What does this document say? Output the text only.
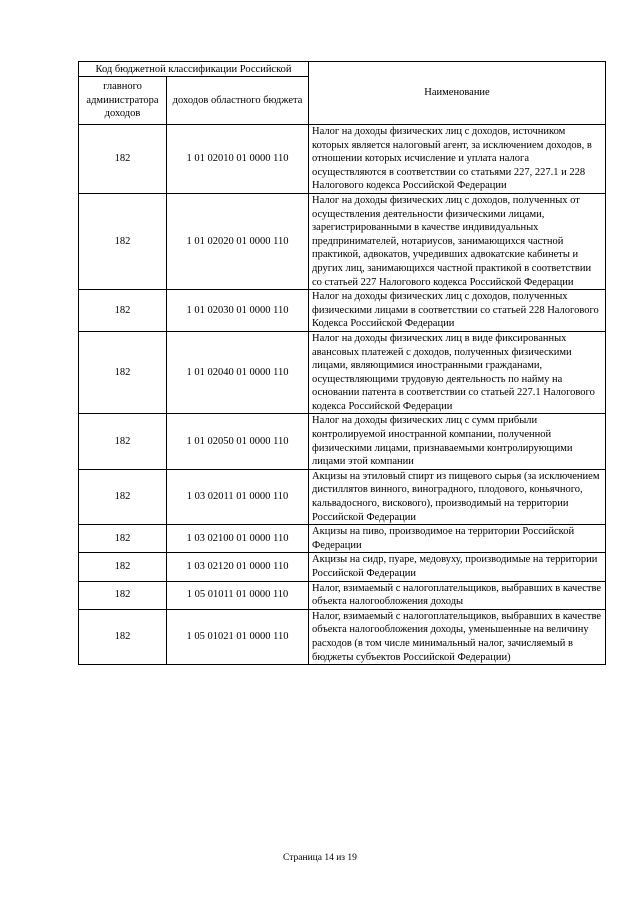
Код бюджетной классификации Российской		Наименование
главного администратора доходов	доходов областного бюджета	
182	1 01 02010 01 0000 110	Налог на доходы физических лиц с доходов, источником которых является налоговый агент, за исключением доходов, в отношении которых исчисление и уплата налога осуществляются в соответствии со статьями 227, 227.1 и 228 Налогового кодекса Российской Федерации
182	1 01 02020 01 0000 110	Налог на доходы физических лиц с доходов, полученных от осуществления деятельности физическими лицами, зарегистрированными в качестве индивидуальных предпринимателей, нотариусов, занимающихся частной практикой, адвокатов, учредивших адвокатские кабинеты и других лиц, занимающихся частной практикой в соответствии со статьей 227 Налогового кодекса Российской Федерации
182	1 01 02030 01 0000 110	Налог на доходы физических лиц с доходов, полученных физическими лицами в соответствии со статьей 228 Налогового Кодекса Российской Федерации
182	1 01 02040 01 0000 110	Налог на доходы физических лиц в виде фиксированных авансовых платежей с доходов, полученных физическими лицами, являющимися иностранными гражданами, осуществляющими трудовую деятельность по найму на основании патента в соответствии со статьей 227.1 Налогового кодекса Российской Федерации
182	1 01 02050 01 0000 110	Налог на доходы физических лиц с сумм прибыли контролируемой иностранной компании, полученной физическими лицами, признаваемыми контролирующими лицами этой компании
182	1 03 02011 01 0000 110	Акцизы на этиловый спирт из пищевого сырья (за исключением дистиллятов винного, виноградного, плодового, коньячного, кальвадосного, вискового), производимый на территории Российской Федерации
182	1 03 02100 01 0000 110	Акцизы на пиво, производимое на территории Российской Федерации
182	1 03 02120 01 0000 110	Акцизы на сидр, пуаре, медовуху, производимые на территории Российской Федерации
182	1 05 01011 01 0000 110	Налог, взимаемый с налогоплательщиков, выбравших в качестве объекта налогообложения доходы
182	1 05 01021 01 0000 110	Налог, взимаемый с налогоплательщиков, выбравших в качестве объекта налогообложения доходы, уменьшенные на величину расходов (в том числе минимальный налог, зачисляемый в бюджеты субъектов Российской Федерации)
Страница 14 из 19
